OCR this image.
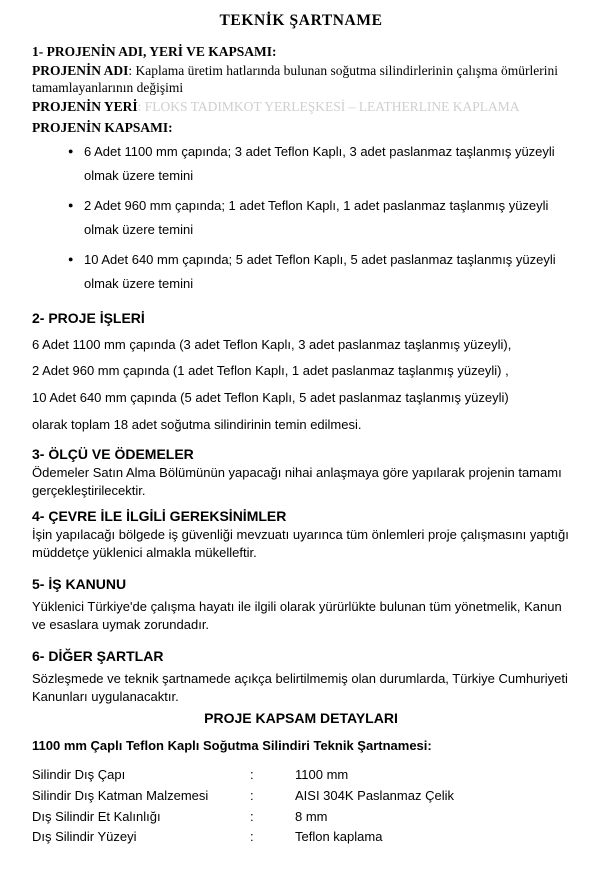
TEKNİK ŞARTNAME
1- PROJENİN ADI, YERİ VE KAPSAMI:
PROJENİN ADI: Kaplama üretim hatlarında bulunan soğutma silindirlerinin çalışma ömürlerini tamamlayanlarının değişimi
PROJENİN YERİ: FLOKS TADIMKOT YERLEŞKESİ – LEATHERLINE KAPLAMA
PROJENİN KAPSAMI:
● 6 Adet 1100 mm çapında; 3 adet Teflon Kaplı, 3 adet paslanmaz taşlanmış yüzeyli olmak üzere temini
● 2 Adet 960 mm çapında; 1 adet Teflon Kaplı, 1 adet paslanmaz taşlanmış yüzeyli olmak üzere temini
● 10 Adet 640 mm çapında; 5 adet Teflon Kaplı, 5 adet paslanmaz taşlanmış yüzeyli olmak üzere temini
2- PROJE İŞLERİ
6 Adet 1100 mm çapında (3 adet Teflon Kaplı, 3 adet paslanmaz taşlanmış yüzeyli),
2 Adet 960 mm çapında (1 adet Teflon Kaplı, 1 adet paslanmaz taşlanmış yüzeyli) ,
10 Adet 640 mm çapında (5 adet Teflon Kaplı, 5 adet paslanmaz taşlanmış yüzeyli)
olarak toplam 18 adet soğutma silindirinin temin edilmesi.
3- ÖLÇÜ VE ÖDEMELER
Ödemeler Satın Alma Bölümünün yapacağı nihai anlaşmaya göre yapılarak projenin tamamı gerçekleştirilecektir.
4- ÇEVRE İLE İLGİLİ GEREKSİNİMLER
İşin yapılacağı bölgede iş güvenliği mevzuatı uyarınca tüm önlemleri proje çalışmasını yaptığı müddetçe yüklenici almakla mükelleftir.
5- İŞ KANUNU
Yüklenici Türkiye'de çalışma hayatı ile ilgili olarak yürürlükte bulunan tüm yönetmelik, Kanun ve esaslara uymak zorundadır.
6- DİĞER ŞARTLAR
Sözleşmede ve teknik şartnamede açıkça belirtilmemiş olan durumlarda, Türkiye Cumhuriyeti Kanunları uygulanacaktır.
PROJE KAPSAM DETAYLARI
1100 mm Çaplı Teflon Kaplı Soğutma Silindiri Teknik Şartnamesi:
Silindir Dış Çapı	:	1100 mm
Silindir Dış Katman Malzemesi	:	AISI 304K Paslanmaz Çelik
Dış Silindir Et Kalınlığı	:	8 mm
Dış Silindir Yüzeyi	:	Teflon kaplama
